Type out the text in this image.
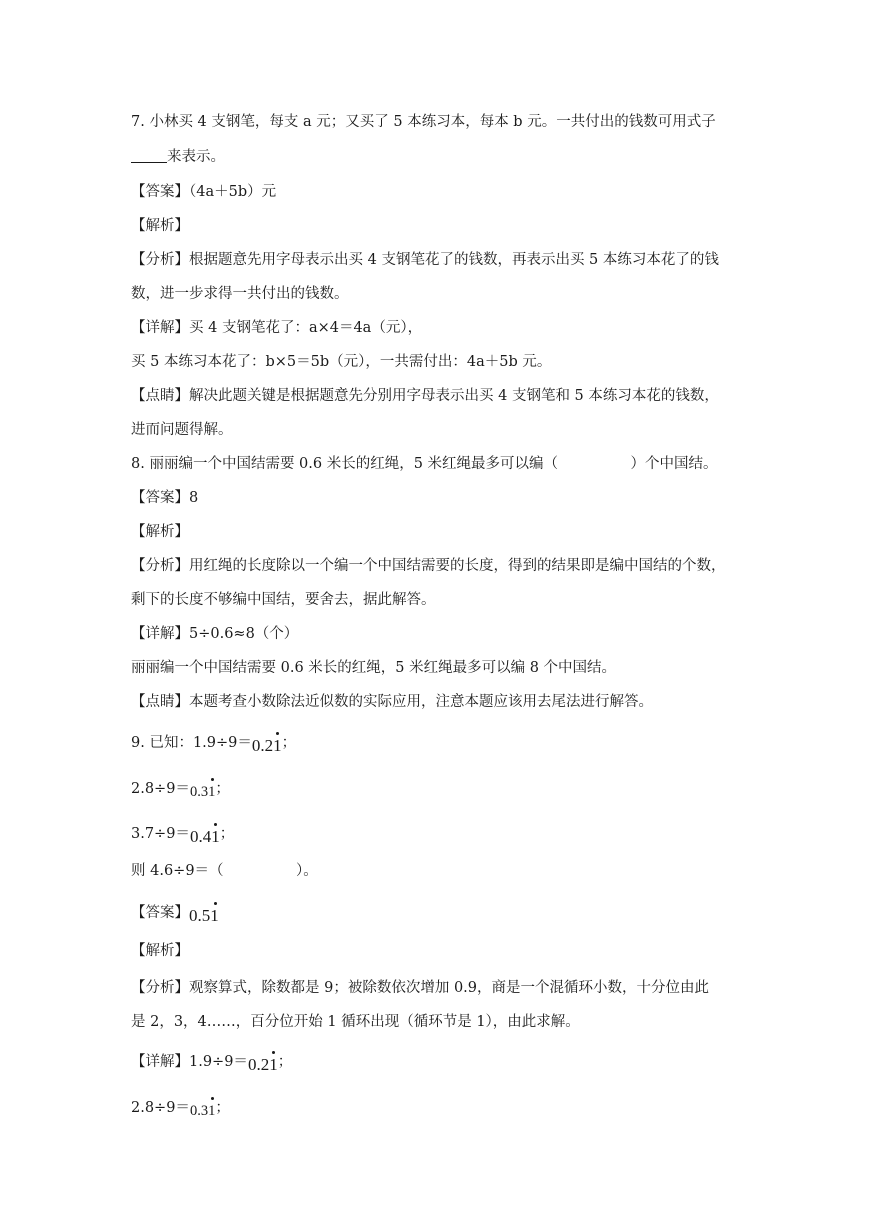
7. 小林买 4 支钢笔，每支 a 元；又买了 5 本练习本，每本 b 元。一共付出的钱数可用式子
来表示。
【答案】（4a＋5b）元
【解析】
【分析】根据题意先用字母表示出买 4 支钢笔花了的钱数，再表示出买 5 本练习本花了的钱
数，进一步求得一共付出的钱数。
【详解】买 4 支钢笔花了：a×4＝4a（元），
买 5 本练习本花了：b×5＝5b（元），一共需付出：4a＋5b 元。
【点睛】解决此题关键是根据题意先分别用字母表示出买 4 支钢笔和 5 本练习本花的钱数，
进而问题得解。
8. 丽丽编一个中国结需要 0.6 米长的红绳，5 米红绳最多可以编（　　　　　）个中国结。
【答案】8
【解析】
【分析】用红绳的长度除以一个编一个中国结需要的长度，得到的结果即是编中国结的个数，
剩下的长度不够编中国结，要舍去，据此解答。
【详解】5÷0.6≈8（个）
丽丽编一个中国结需要 0.6 米长的红绳，5 米红绳最多可以编 8 个中国结。
【点睛】本题考查小数除法近似数的实际应用，注意本题应该用去尾法进行解答。
9. 已知：1.9÷9＝0.21；
2.8÷9＝0.31；
3.7÷9＝0.41；
则 4.6÷9＝（　　　　　）。
【答案】0.51
【解析】
【分析】观察算式，除数都是 9；被除数依次增加 0.9，商是一个混循环小数，十分位由此
是 2，3，4……，百分位开始 1 循环出现（循环节是 1），由此求解。
【详解】1.9÷9＝0.21；
2.8÷9＝0.31；
